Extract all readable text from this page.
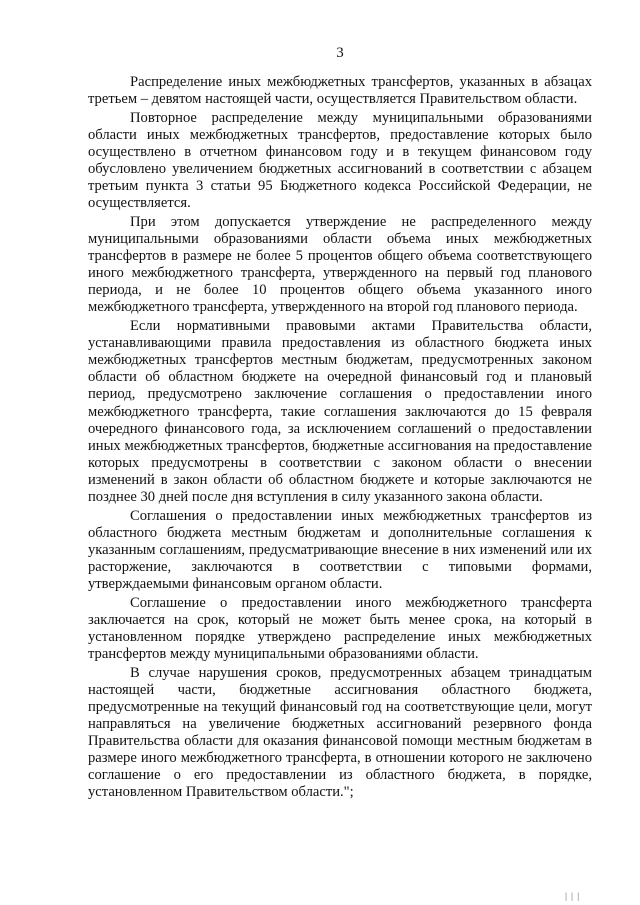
3

Распределение иных межбюджетных трансфертов, указанных в абзацах третьем – девятом настоящей части, осуществляется Правительством области.

Повторное распределение между муниципальными образованиями области иных межбюджетных трансфертов, предоставление которых было осуществлено в отчетном финансовом году и в текущем финансовом году обусловлено увеличением бюджетных ассигнований в соответствии с абзацем третьим пункта 3 статьи 95 Бюджетного кодекса Российской Федерации, не осуществляется.

При этом допускается утверждение не распределенного между муниципальными образованиями области объема иных межбюджетных трансфертов в размере не более 5 процентов общего объема соответствующего иного межбюджетного трансферта, утвержденного на первый год планового периода, и не более 10 процентов общего объема указанного иного межбюджетного трансферта, утвержденного на второй год планового периода.

Если нормативными правовыми актами Правительства области, устанавливающими правила предоставления из областного бюджета иных межбюджетных трансфертов местным бюджетам, предусмотренных законом области об областном бюджете на очередной финансовый год и плановый период, предусмотрено заключение соглашения о предоставлении иного межбюджетного трансферта, такие соглашения заключаются до 15 февраля очередного финансового года, за исключением соглашений о предоставлении иных межбюджетных трансфертов, бюджетные ассигнования на предоставление которых предусмотрены в соответствии с законом области о внесении изменений в закон области об областном бюджете и которые заключаются не позднее 30 дней после дня вступления в силу указанного закона области.

Соглашения о предоставлении иных межбюджетных трансфертов из областного бюджета местным бюджетам и дополнительные соглашения к указанным соглашениям, предусматривающие внесение в них изменений или их расторжение, заключаются в соответствии с типовыми формами, утверждаемыми финансовым органом области.

Соглашение о предоставлении иного межбюджетного трансферта заключается на срок, который не может быть менее срока, на который в установленном порядке утверждено распределение иных межбюджетных трансфертов между муниципальными образованиями области.

В случае нарушения сроков, предусмотренных абзацем тринадцатым настоящей части, бюджетные ассигнования областного бюджета, предусмотренные на текущий финансовый год на соответствующие цели, могут направляться на увеличение бюджетных ассигнований резервного фонда Правительства области для оказания финансовой помощи местным бюджетам в размере иного межбюджетного трансферта, в отношении которого не заключено соглашение о его предоставлении из областного бюджета, в порядке, установленном Правительством области.";

| | |
